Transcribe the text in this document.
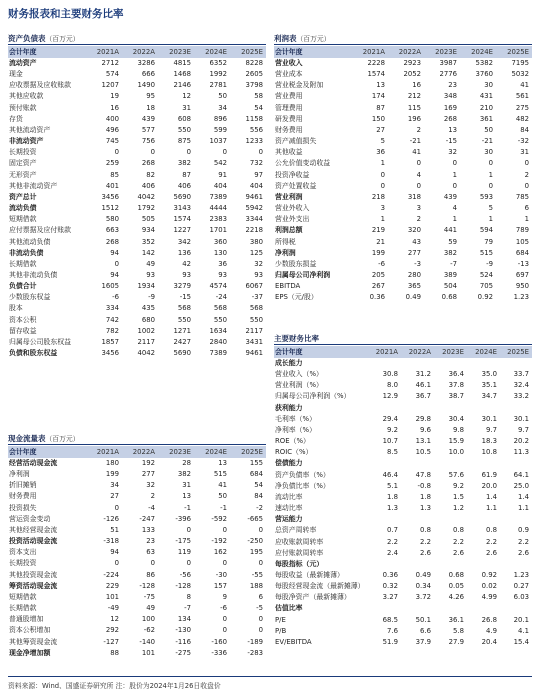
财务报表和主要财务比率
资产负债表（百万元）
会计年度	2021A	2022A	2023E	2024E	2025E
流动资产	2712	3286	4815	6352	8228
现金	574	666	1468	1992	2605
应收票据及应收账款	1207	1490	2146	2781	3798
其他应收款	19	95	12	50	58
预付账款	16	18	31	34	54
存货	400	439	608	896	1158
其他流动资产	496	577	550	599	556
非流动资产	745	756	875	1037	1233
长期投资	0	0	0	0	0
固定资产	259	268	382	542	732
无形资产	85	82	87	91	97
其他非流动资产	401	406	406	404	404
资产总计	3456	4042	5690	7389	9461
流动负债	1512	1792	3143	4444	5942
短期借款	580	505	1574	2383	3344
应付票据及应付账款	663	934	1227	1701	2218
其他流动负债	268	352	342	360	380
非流动负债	94	142	136	130	125
长期借款	0	49	42	36	32
其他非流动负债	94	93	93	93	93
负债合计	1605	1934	3279	4574	6067
少数股东权益	-6	-9	-15	-24	-37
股本	334	435	568	568	568
资本公积	742	680	550	550	550
留存收益	782	1002	1271	1634	2117
归属母公司股东权益	1857	2117	2427	2840	3431
负债和股东权益	3456	4042	5690	7389	9461
利润表（百万元）
会计年度	2021A	2022A	2023E	2024E	2025E
营业收入	2228	2923	3987	5382	7195
营业成本	1574	2052	2776	3760	5032
营业税金及附加	13	16	23	30	41
营业费用	174	212	348	431	561
管理费用	87	115	169	210	275
研发费用	150	196	268	361	482
财务费用	27	2	13	50	84
资产减值损失	5	-21	-15	-21	-32
其他收益	36	41	32	30	31
公允价值变动收益	1	0	0	0	0
投资净收益	0	4	1	1	2
资产处置收益	0	0	0	0	0
营业利润	218	318	439	593	785
营业外收入	3	3	4	5	6
营业外支出	1	2	1	1	1
利润总额	219	320	441	594	789
所得税	21	43	59	79	105
净利润	199	277	382	515	684
少数股东损益	-6	-3	-7	-9	-13
归属母公司净利润	205	280	389	524	697
EBITDA	267	365	504	705	950
EPS（元/股）	0.36	0.49	0.68	0.92	1.23
主要财务比率
会计年度	2021A	2022A	2023E	2024E	2025E
成长能力					
营业收入（%）	30.8	31.2	36.4	35.0	33.7
营业利润（%）	8.0	46.1	37.8	35.1	32.4
归属母公司净利润（%）	12.9	36.7	38.7	34.7	33.2
获利能力					
毛利率（%）	29.4	29.8	30.4	30.1	30.1
净利率（%）	9.2	9.6	9.8	9.7	9.7
ROE（%）	10.7	13.1	15.9	18.3	20.2
ROIC（%）	8.5	10.5	10.0	10.8	11.3
偿债能力					
资产负债率（%）	46.4	47.8	57.6	61.9	64.1
净负债比率（%）	5.1	-0.8	9.2	20.0	25.0
流动比率	1.8	1.8	1.5	1.4	1.4
速动比率	1.3	1.3	1.2	1.1	1.1
营运能力					
总资产周转率	0.7	0.8	0.8	0.8	0.9
应收账款周转率	2.2	2.2	2.2	2.2	2.2
应付账款周转率	2.4	2.6	2.6	2.6	2.6
每股指标（元）					
每股收益（最新摊薄）	0.36	0.49	0.68	0.92	1.23
每股经营现金流（最新摊薄）	0.32	0.34	0.05	0.02	0.27
每股净资产（最新摊薄）	3.27	3.72	4.26	4.99	6.03
估值比率					
P/E	68.5	50.1	36.1	26.8	20.1
P/B	7.6	6.6	5.8	4.9	4.1
EV/EBITDA	51.9	37.9	27.9	20.4	15.4
现金流量表（百万元）
会计年度	2021A	2022A	2023E	2024E	2025E
经营活动现金流	180	192	28	13	155
净利润	199	277	382	515	684
折旧摊销	34	32	31	41	54
财务费用	27	2	13	50	84
投资损失	0	-4	-1	-1	-2
营运资金变动	-126	-247	-396	-592	-665
其他经营现金流	51	133	0	0	0
投资活动现金流	-318	23	-175	-192	-250
资本支出	94	63	119	162	195
长期投资	0	0	0	0	0
其他投资现金流	-224	86	-56	-30	-55
筹资活动现金流	229	-128	-128	157	188
短期借款	101	-75	8	9	6
长期借款	-49	49	-7	-6	-5
普通股增加	12	100	134	0	0
资本公积增加	292	-62	-130	0	0
其他筹资现金流	-127	-140	-116	-160	-189
现金净增加额	88	101	-275	-336	-283
资料来源：Wind、国盛证券研究所 注：股价为2024年1月26日收盘价
